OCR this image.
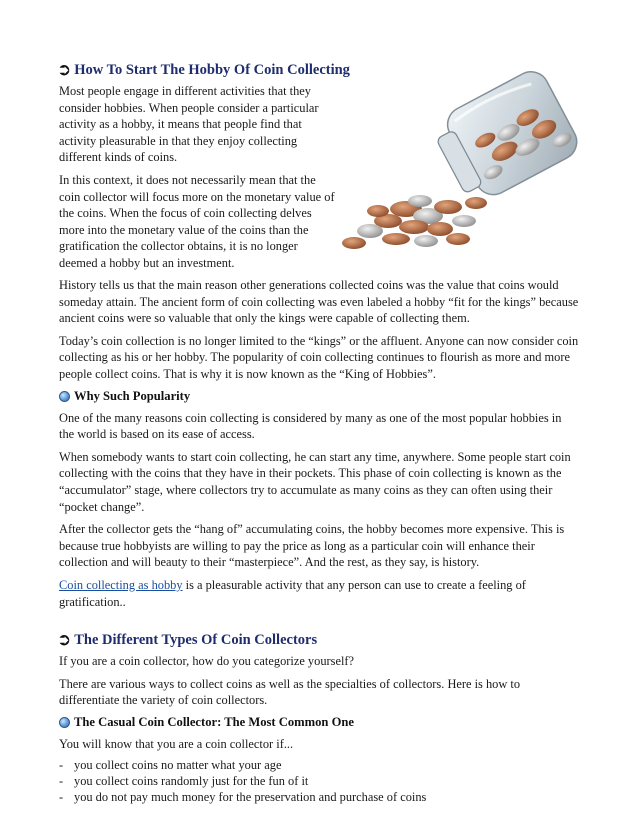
➲ How To Start The Hobby Of Coin Collecting

Most people engage in different activities that they consider hobbies. When people consider a particular activity as a hobby, it means that people find that activity pleasurable in that they enjoy collecting different kinds of coins.

In this context, it does not necessarily mean that the coin collector will focus more on the monetary value of the coins. When the focus of coin collecting delves more into the monetary value of the coins than the gratification the collector obtains, it is no longer deemed a hobby but an investment.

History tells us that the main reason other generations collected coins was the value that coins would someday attain. The ancient form of coin collecting was even labeled a hobby “fit for the kings” because ancient coins were so valuable that only the kings were capable of collecting them.

Today’s coin collection is no longer limited to the “kings” or the affluent. Anyone can now consider coin collecting as his or her hobby. The popularity of coin collecting continues to flourish as more and more people collect coins. That is why it is now known as the “King of Hobbies”.

Why Such Popularity

One of the many reasons coin collecting is considered by many as one of the most popular hobbies in the world is based on its ease of access.

When somebody wants to start coin collecting, he can start any time, anywhere. Some people start coin collecting with the coins that they have in their pockets. This phase of coin collecting is known as the “accumulator” stage, where collectors try to accumulate as many coins as they can often using their “pocket change”.

After the collector gets the “hang of” accumulating coins, the hobby becomes more expensive. This is because true hobbyists are willing to pay the price as long as a particular coin will enhance their collection and will beauty to their “masterpiece”. And the rest, as they say, is history.

Coin collecting as hobby is a pleasurable activity that any person can use to create a feeling of gratification..

➲ The Different Types Of Coin Collectors

If you are a coin collector, how do you categorize yourself?

There are various ways to collect coins as well as the specialties of collectors. Here is how to differentiate the variety of coin collectors.

The Casual Coin Collector: The Most Common One

You will know that you are a coin collector if...

- you collect coins no matter what your age
- you collect coins randomly just for the fun of it
- you do not pay much money for the preservation and purchase of coins
